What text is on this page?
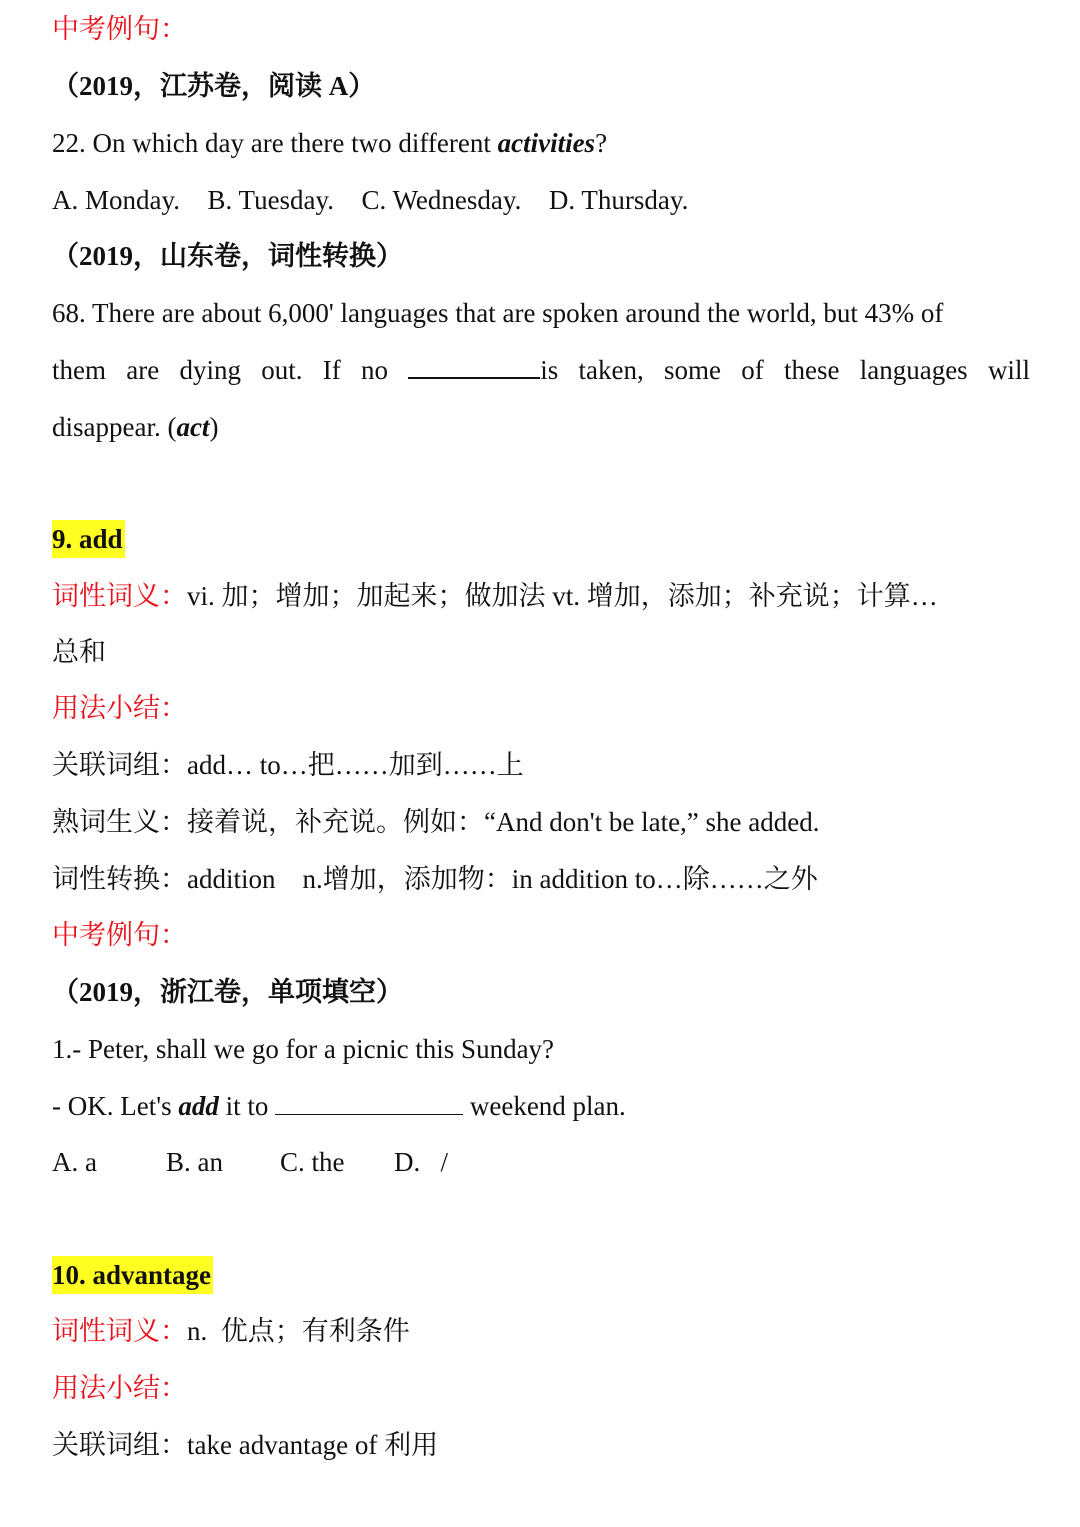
中考例句：
（2019，江苏卷，阅读 A）
22. On which day are there two different activities?
A. Monday. B. Tuesday. C. Wednesday. D. Thursday.
（2019，山东卷，词性转换）
68. There are about 6,000' languages that are spoken around the world, but 43% of
them are dying out. If no	is taken, some of these languages will
disappear. (act)
9. add
词性词义：vi. 加；增加；加起来；做加法 vt. 增加，添加；补充说；计算…
总和
用法小结：
关联词组：add… to…把……加到……上
熟词生义：接着说，补充说。例如：“And don't be late,” she added.
词性转换：addition    n.增加，添加物：in addition to…除……之外
中考例句：
（2019，浙江卷，单项填空）
1.- Peter, shall we go for a picnic this Sunday?
- OK. Let's add it to	weekend plan.
A. a	B. an C. the D.   /
10. advantage
词性词义：n.  优点；有利条件
用法小结：
关联词组：take advantage of 利用
